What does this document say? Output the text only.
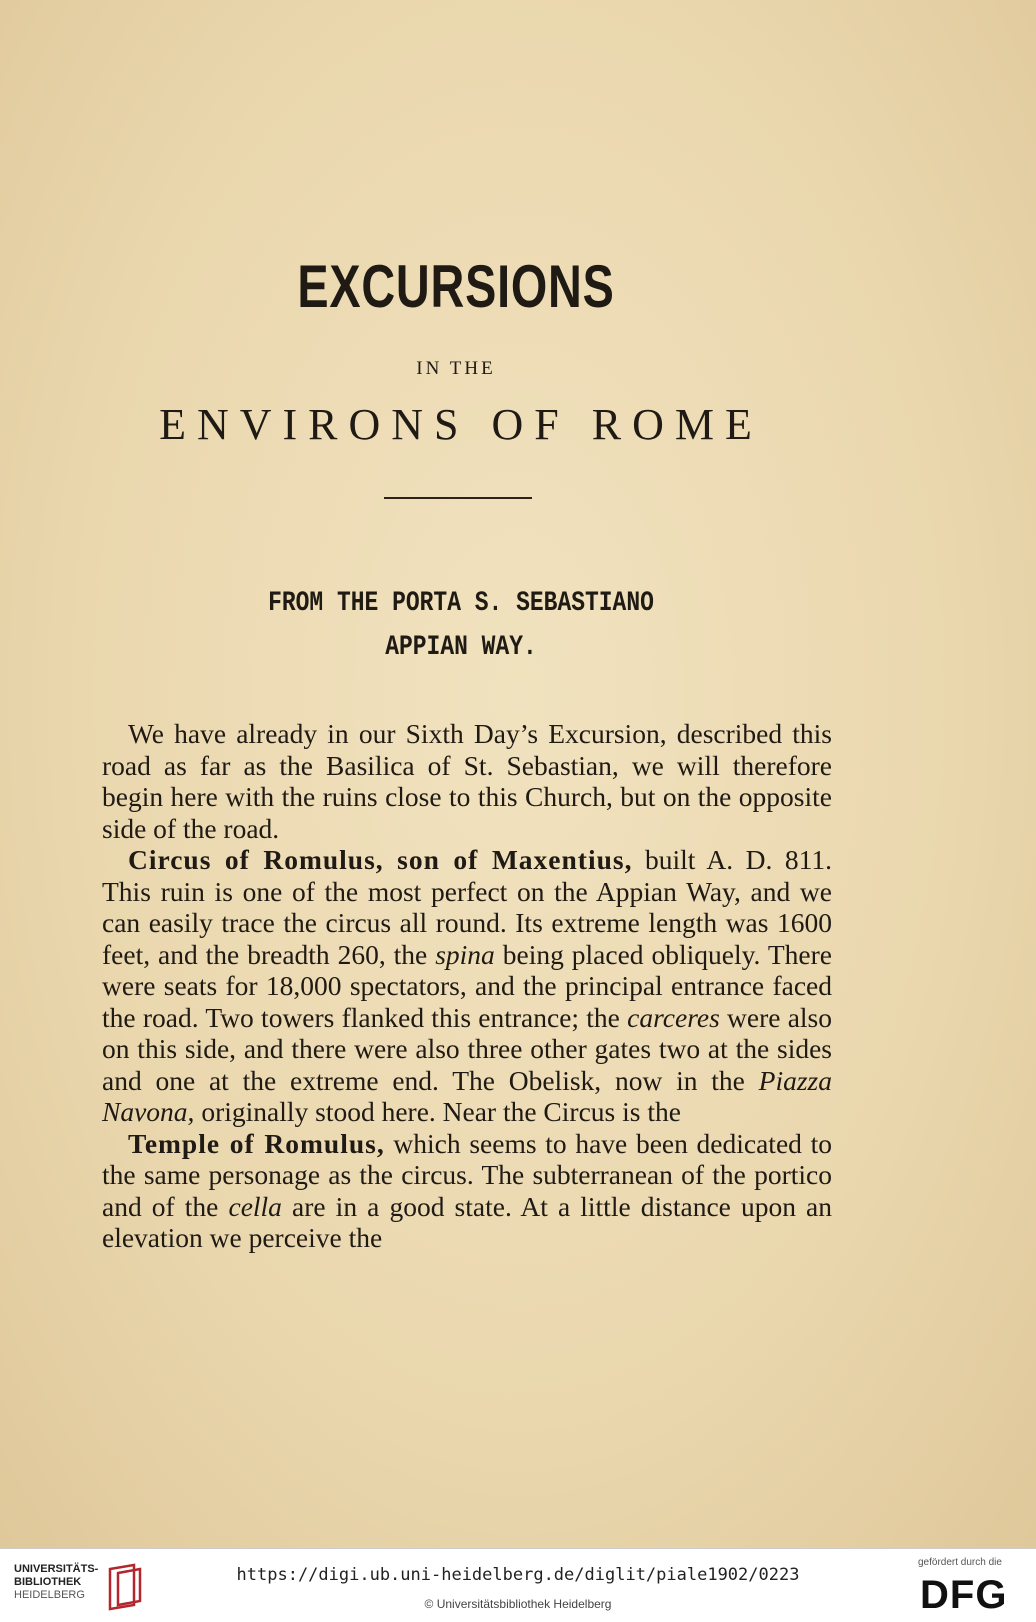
EXCURSIONS
IN THE
ENVIRONS OF ROME
FROM THE PORTA S. SEBASTIANO
APPIAN WAY.

We have already in our Sixth Day’s Excursion, described this road as far as the Basilica of St. Sebastian, we will therefore begin here with the ruins close to this Church, but on the opposite side of the road.

Circus of Romulus, son of Maxentius, built A. D. 811. This ruin is one of the most perfect on the Appian Way, and we can easily trace the circus all round. Its extreme length was 1600 feet, and the breadth 260, the spina being placed obliquely. There were seats for 18,000 spectators, and the principal entrance faced the road. Two towers flanked this entrance; the carceres were also on this side, and there were also three other gates two at the sides and one at the extreme end. The Obelisk, now in the Piazza Navona, originally stood here. Near the Circus is the

Temple of Romulus, which seems to have been dedicated to the same personage as the circus. The subterranean of the portico and of the cella are in a good state. At a little distance upon an elevation we perceive the

UNIVERSITÄTS-
BIBLIOTHEK
HEIDELBERG
https://digi.ub.uni-heidelberg.de/diglit/piale1902/0223
© Universitätsbibliothek Heidelberg
gefördert durch die
DFG
